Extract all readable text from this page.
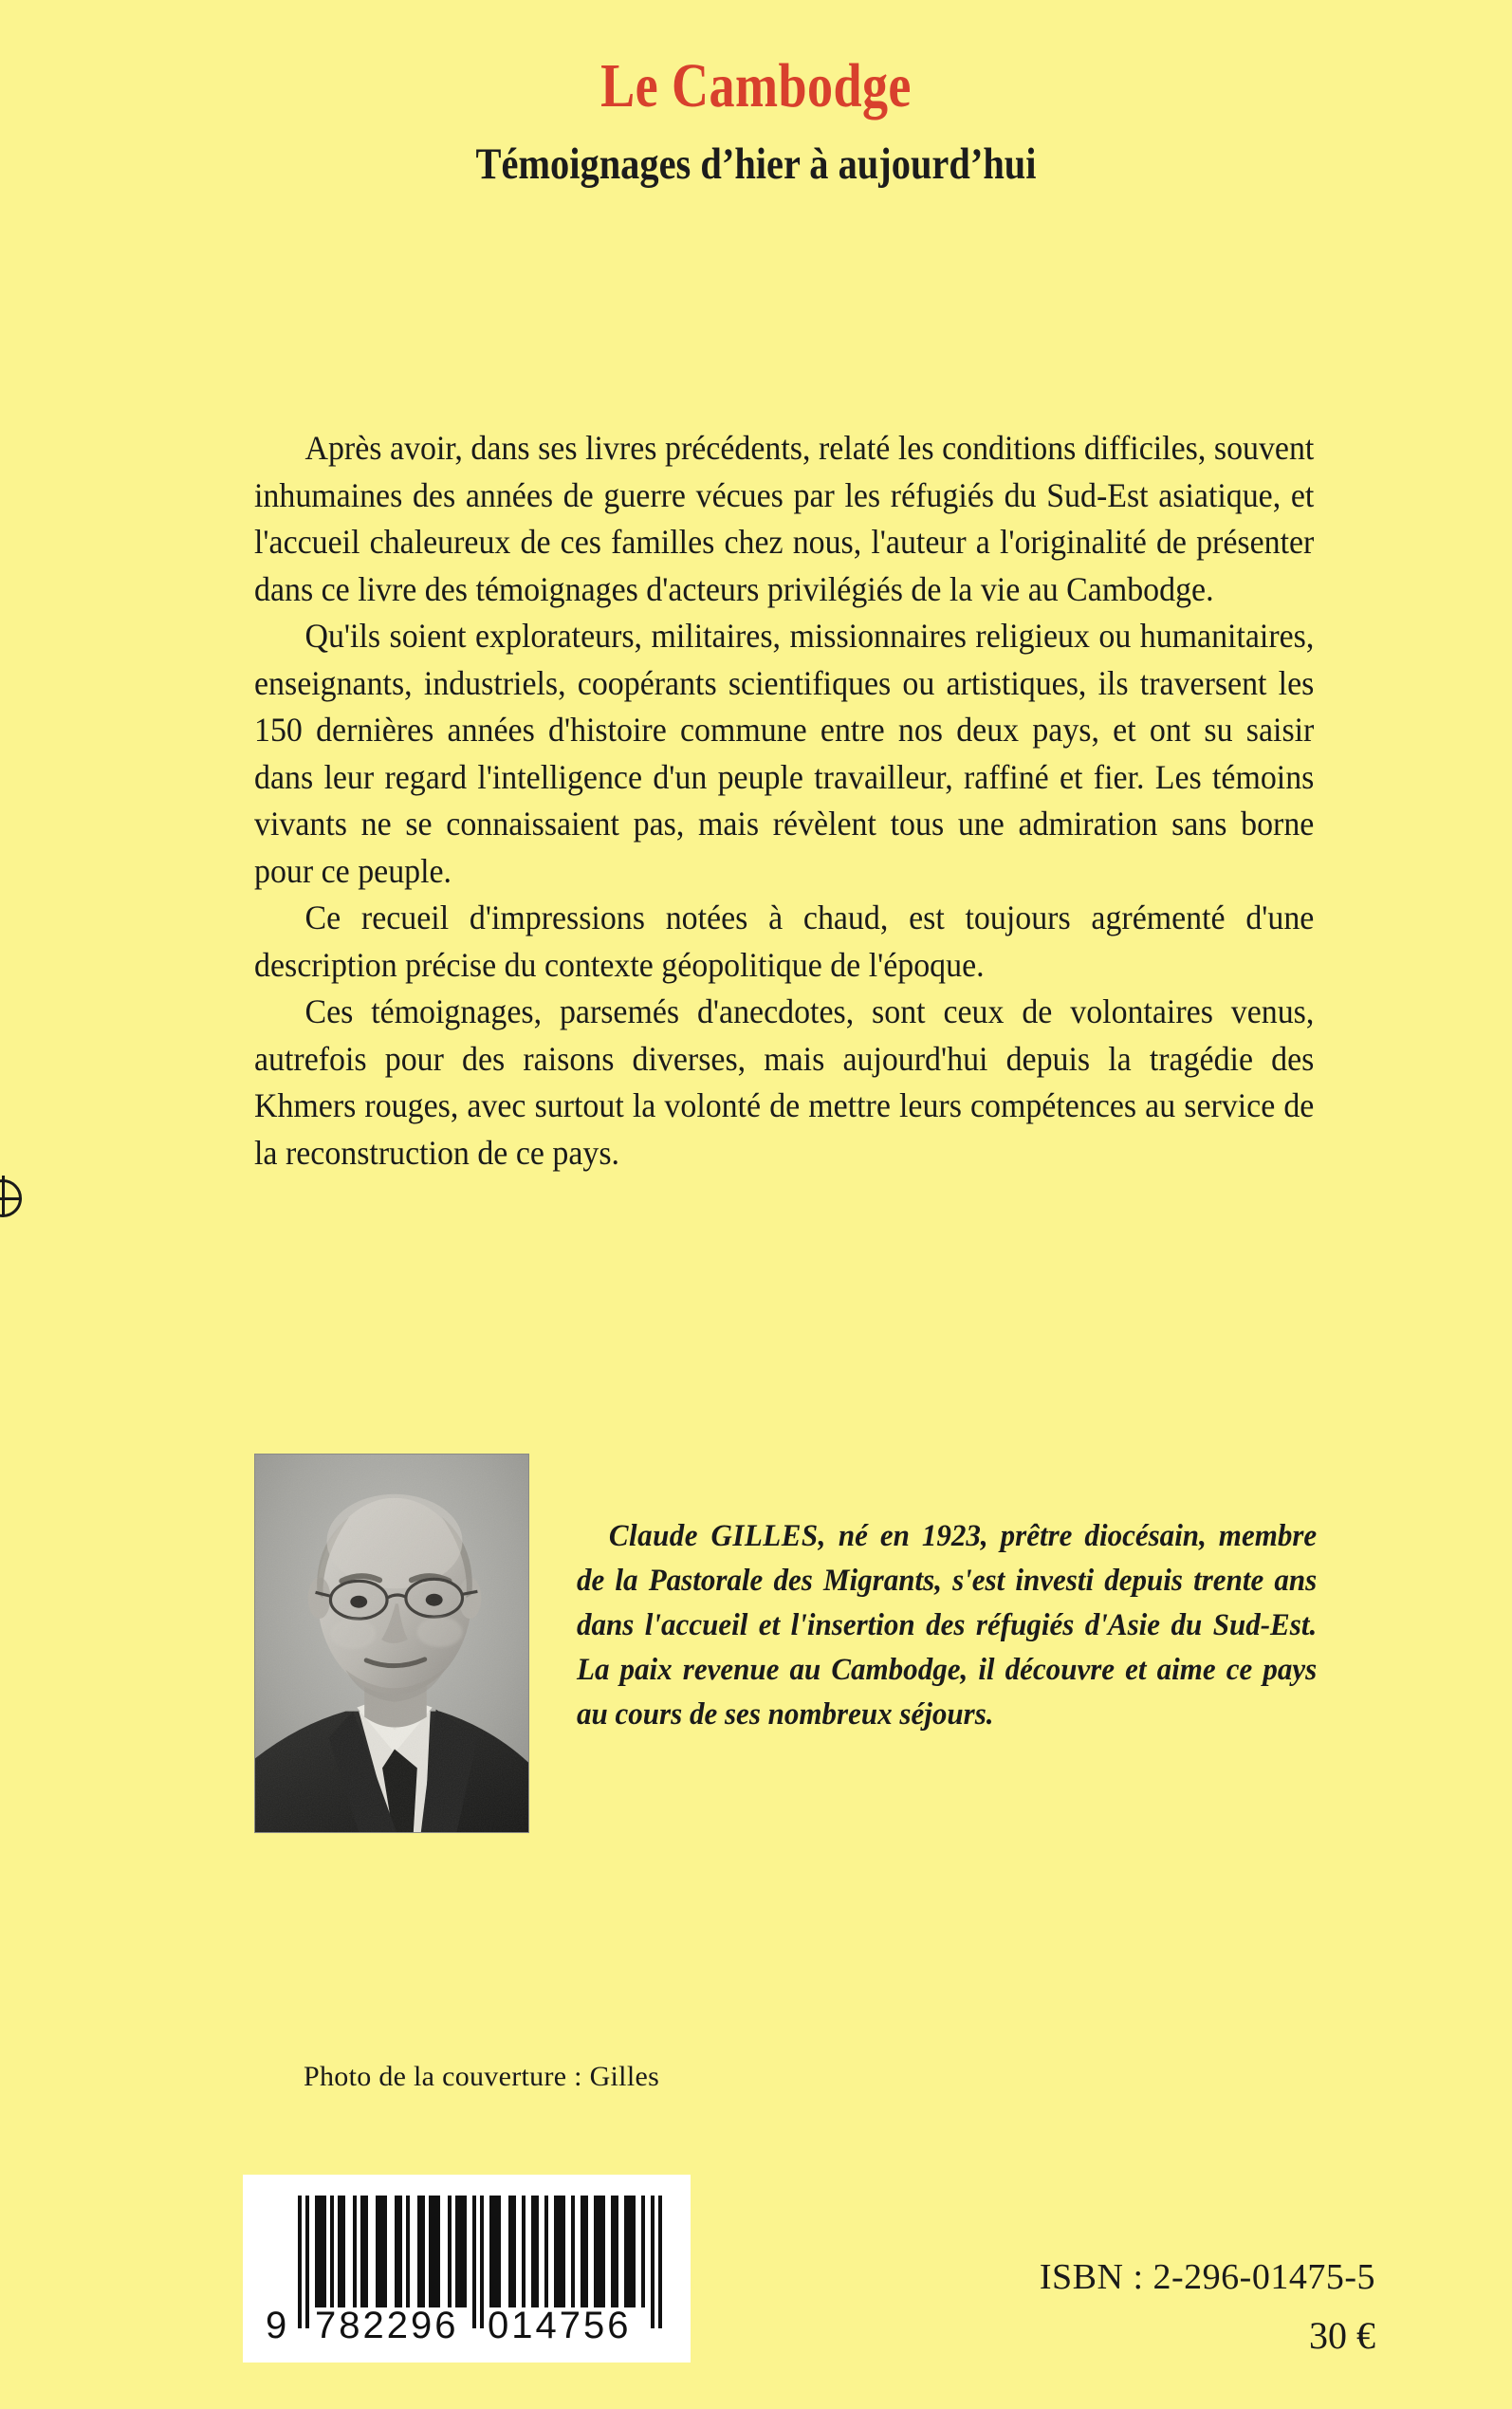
Le Cambodge
Témoignages d’hier à aujourd’hui

Après avoir, dans ses livres précédents, relaté les conditions difficiles, souvent inhumaines des années de guerre vécues par les réfugiés du Sud-Est asiatique, et l'accueil chaleureux de ces familles chez nous, l'auteur a l'originalité de présenter dans ce livre des témoignages d'acteurs privilégiés de la vie au Cambodge.

Qu'ils soient explorateurs, militaires, missionnaires religieux ou humanitaires, enseignants, industriels, coopérants scientifiques ou artistiques, ils traversent les 150 dernières années d'histoire commune entre nos deux pays, et ont su saisir dans leur regard l'intelligence d'un peuple travailleur, raffiné et fier. Les témoins vivants ne se connaissaient pas, mais révèlent tous une admiration sans borne pour ce peuple.

Ce recueil d'impressions notées à chaud, est toujours agrémenté d'une description précise du contexte géopolitique de l'époque.

Ces témoignages, parsemés d'anecdotes, sont ceux de volontaires venus, autrefois pour des raisons diverses, mais aujourd'hui depuis la tragédie des Khmers rouges, avec surtout la volonté de mettre leurs compétences au service de la reconstruction de ce pays.

Claude GILLES, né en 1923, prêtre diocésain, membre de la Pastorale des Migrants, s'est investi depuis trente ans dans l'accueil et l'insertion des réfugiés d'Asie du Sud-Est. La paix revenue au Cambodge, il découvre et aime ce pays au cours de ses nombreux séjours.

Photo de la couverture : Gilles
9 782296 014756
ISBN : 2-296-01475-5
30 €
